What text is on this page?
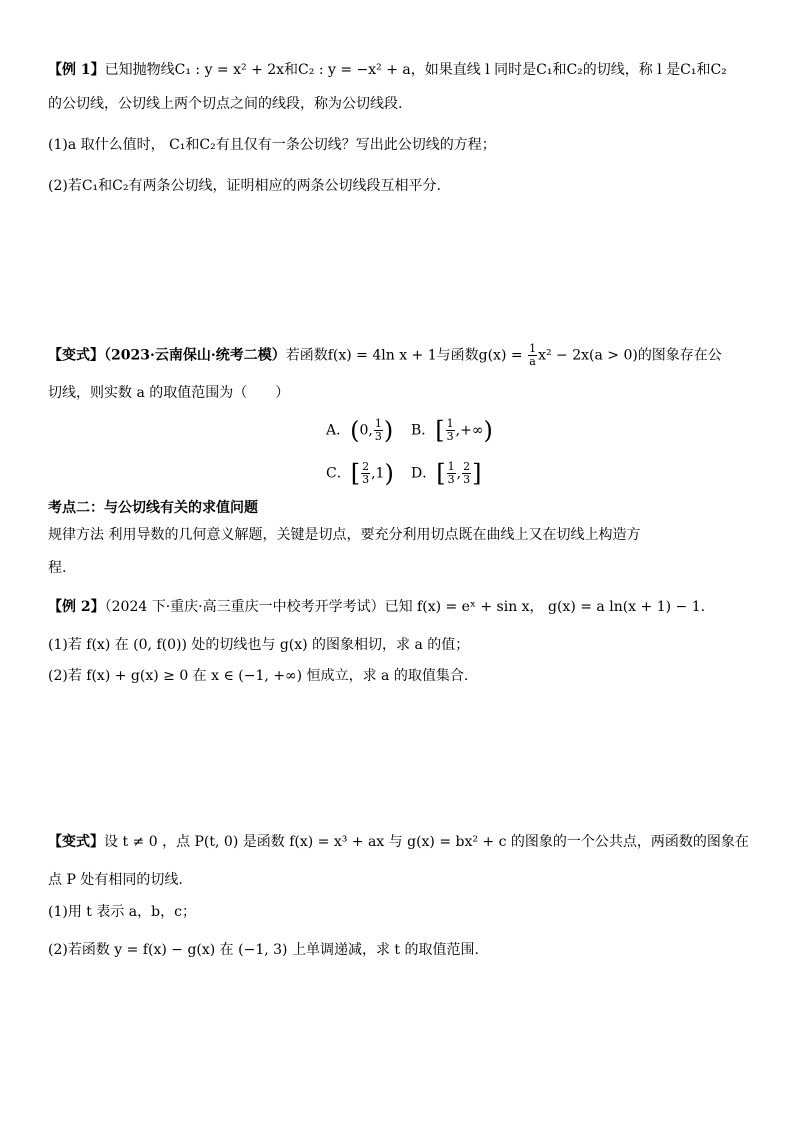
【例 1】已知抛物线C₁ : y = x² + 2x和C₂ : y = −x² + a，如果直线 l 同时是C₁和C₂的切线，称 l 是C₁和C₂
的公切线，公切线上两个切点之间的线段，称为公切线段.
(1)a 取什么值时， C₁和C₂有且仅有一条公切线？写出此公切线的方程；
(2)若C₁和C₂有两条公切线，证明相应的两条公切线段互相平分.
【变式】（2023·云南保山·统考二模）若函数f(x) = 4ln x + 1与函数$g(x) = \frac{1}{a} x^2 - 2x(a > 0)$的图象存在公
切线，则实数 a 的取值范围为（　　）
A．(0, $\frac{1}{3}$ ) B．[ $\frac{1}{3}$ ,+∞)
C．[ $\frac{2}{3} ,1$) D．[ $\frac{1}{3}$ , $\frac{2}{3}$ ]
考点二：与公切线有关的求值问题
规律方法 利用导数的几何意义解题，关键是切点，要充分利用切点既在曲线上又在切线上构造方
程.
【例 2】（2024 下·重庆·高三重庆一中校考开学考试）已知 f(x) = eˣ + sin x， g(x) = a ln(x + 1) − 1.
(1)若 f(x) 在 (0, f(0)) 处的切线也与 g(x) 的图象相切，求 a 的值；
(2)若 f(x) + g(x) ≥ 0 在 x ∈ (−1, +∞) 恒成立，求 a 的取值集合.
【变式】设 t ≠ 0 ，点 P(t, 0) 是函数 f(x) = x³ + ax 与 g(x) = bx² + c 的图象的一个公共点，两函数的图象在
点 P 处有相同的切线.
(1)用 t 表示 a，b，c；
(2)若函数 y = f(x) − g(x) 在 (−1, 3) 上单调递减，求 t 的取值范围.
